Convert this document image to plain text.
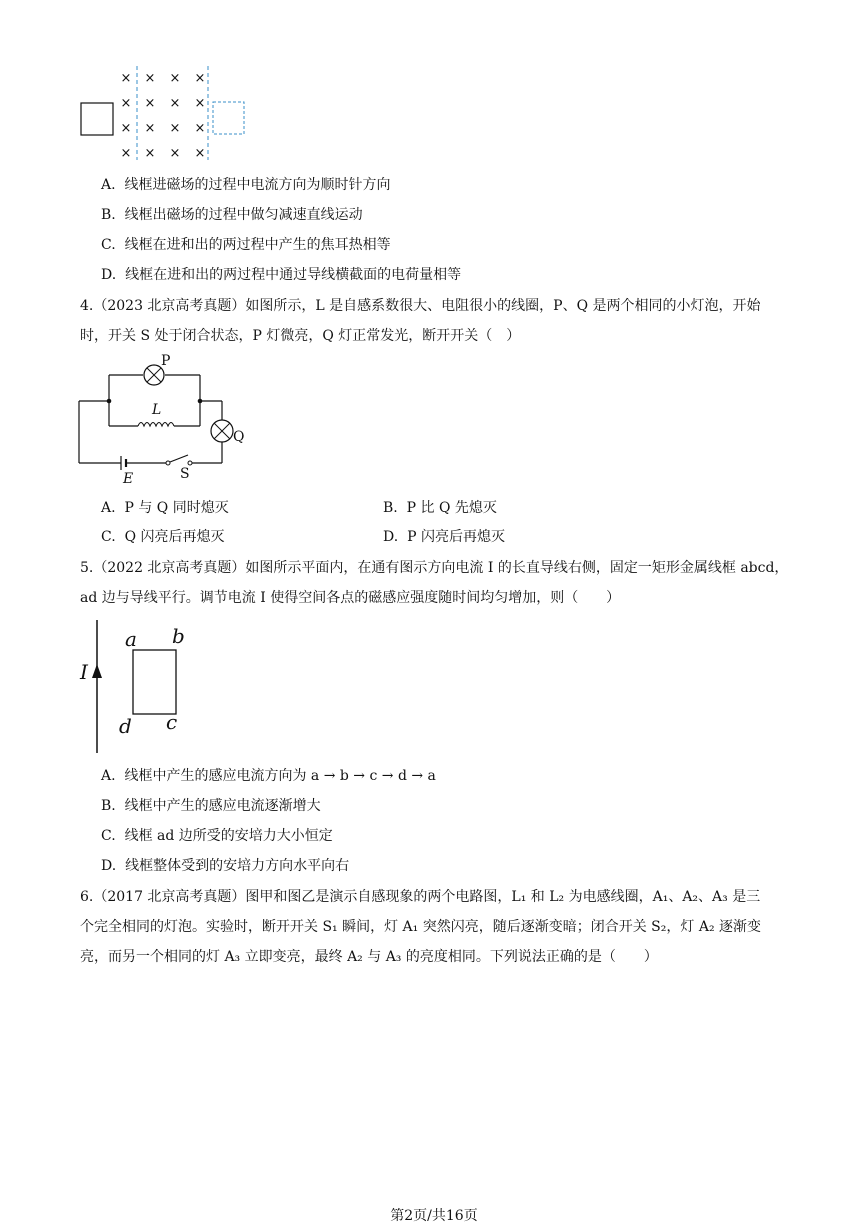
× × × ×
× × × ×
× × × ×
× × × ×
A. 线框进磁场的过程中电流方向为顺时针方向
B. 线框出磁场的过程中做匀减速直线运动
C. 线框在进和出的两过程中产生的焦耳热相等
D. 线框在进和出的两过程中通过导线横截面的电荷量相等
4.（2023 北京高考真题）如图所示，L 是自感系数很大、电阻很小的线圈，P、Q 是两个相同的小灯泡，开始
时，开关 S 处于闭合状态，P 灯微亮，Q 灯正常发光，断开开关（　）
P
L
Q
E	S
A. P 与 Q 同时熄灭	B. P 比 Q 先熄灭
C. Q 闪亮后再熄灭	D. P 闪亮后再熄灭
5.（2022 北京高考真题）如图所示平面内，在通有图示方向电流 I 的长直导线右侧，固定一矩形金属线框 abcd，
ad 边与导线平行。调节电流 I 使得空间各点的磁感应强度随时间均匀增加，则（　　）
I
a b
c
d
A. 线框中产生的感应电流方向为 a → b → c → d → a
B. 线框中产生的感应电流逐渐增大
C. 线框 ad 边所受的安培力大小恒定
D. 线框整体受到的安培力方向水平向右
6.（2017 北京高考真题）图甲和图乙是演示自感现象的两个电路图，L₁ 和 L₂ 为电感线圈，A₁、A₂、A₃ 是三
个完全相同的灯泡。实验时，断开开关 S₁ 瞬间，灯 A₁ 突然闪亮，随后逐渐变暗；闭合开关 S₂，灯 A₂ 逐渐变
亮，而另一个相同的灯 A₃ 立即变亮，最终 A₂ 与 A₃ 的亮度相同。下列说法正确的是（　　）
第2页/共16页
